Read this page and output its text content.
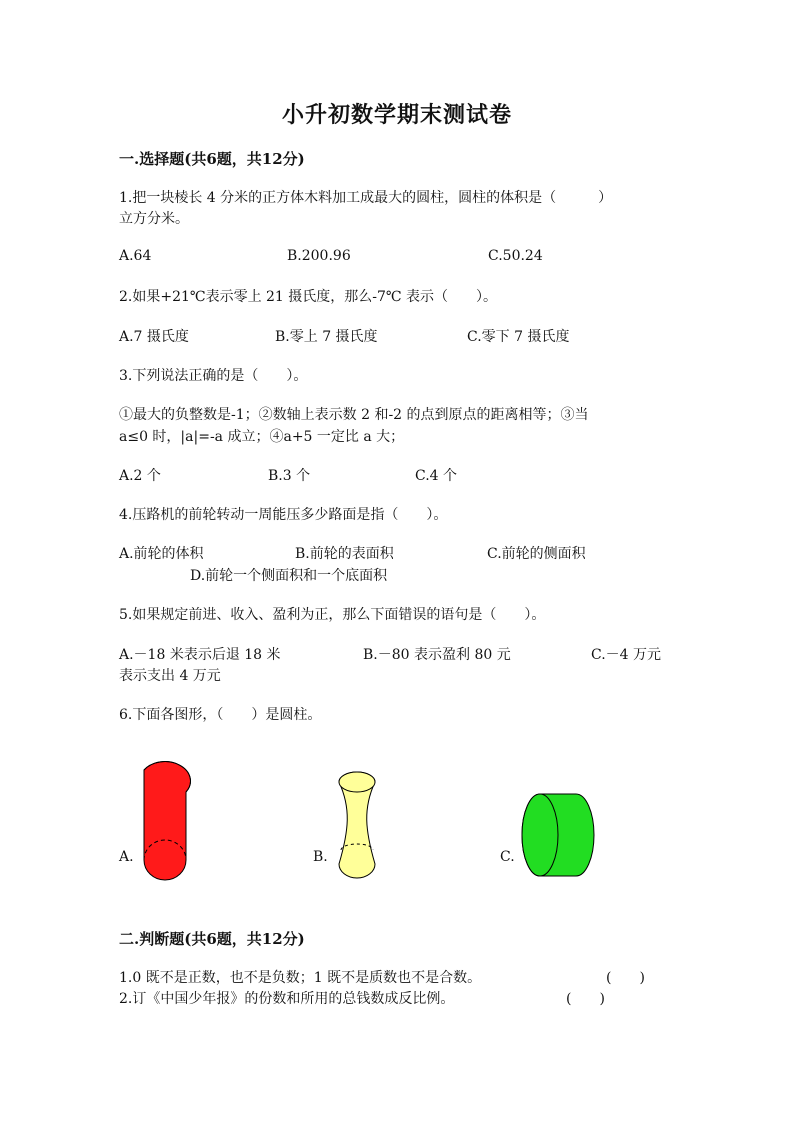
小升初数学期末测试卷
一.选择题(共6题，共12分)
1.把一块棱长 4 分米的正方体木料加工成最大的圆柱，圆柱的体积是（　　　）
立方分米。
A.64	B.200.96	C.50.24
2.如果+21℃表示零上 21 摄氏度，那么-7℃ 表示（　　）。
A.7 摄氏度	B.零上 7 摄氏度	C.零下 7 摄氏度
3.下列说法正确的是（　　）。
①最大的负整数是-1；②数轴上表示数 2 和-2 的点到原点的距离相等；③当
a≤0 时，|a|=-a 成立；④a+5 一定比 a 大；
A.2 个	B.3 个	C.4 个
4.压路机的前轮转动一周能压多少路面是指（　　）。
A.前轮的体积	B.前轮的表面积	C.前轮的侧面积
D.前轮一个侧面积和一个底面积
5.如果规定前进、收入、盈利为正，那么下面错误的语句是（　　）。
A.－18 米表示后退 18 米	B.－80 表示盈利 80 元	C.－4 万元
表示支出 4 万元
6.下面各图形，（　　）是圆柱。
A.	B.	C.
二.判断题(共6题，共12分)
1.0 既不是正数，也不是负数；1 既不是质数也不是合数。	(　　)
2.订《中国少年报》的份数和所用的总钱数成反比例。	(　　)
